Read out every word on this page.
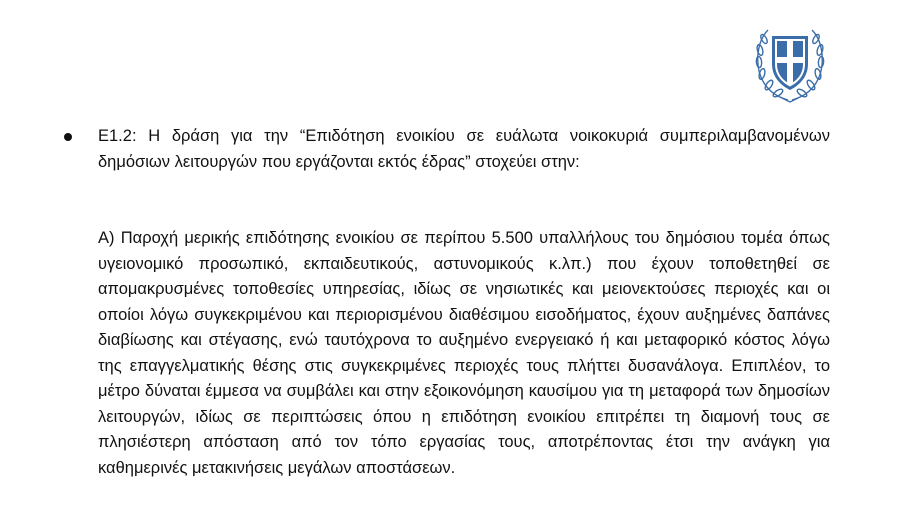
Ε1.2: Η δράση για την “Επιδότηση ενοικίου σε ευάλωτα νοικοκυριά συμπεριλαμβανομένων δημόσιων λειτουργών που εργάζονται εκτός έδρας” στοχεύει στην:

Α) Παροχή μερικής επιδότησης ενοικίου σε περίπου 5.500 υπαλλήλους του δημόσιου τομέα όπως υγειονομικό προσωπικό, εκπαιδευτικούς, αστυνομικούς κ.λπ.) που έχουν τοποθετηθεί σε απομακρυσμένες τοποθεσίες υπηρεσίας, ιδίως σε νησιωτικές και μειονεκτούσες περιοχές και οι οποίοι λόγω συγκεκριμένου και περιορισμένου διαθέσιμου εισοδήματος, έχουν αυξημένες δαπάνες διαβίωσης και στέγασης, ενώ ταυτόχρονα το αυξημένο ενεργειακό ή και μεταφορικό κόστος λόγω της επαγγελματικής θέσης στις συγκεκριμένες περιοχές τους πλήττει δυσανάλογα. Επιπλέον, το μέτρο δύναται έμμεσα να συμβάλει και στην εξοικονόμηση καυσίμου για τη μεταφορά των δημοσίων λειτουργών, ιδίως σε περιπτώσεις όπου η επιδότηση ενοικίου επιτρέπει τη διαμονή τους σε πλησιέστερη απόσταση από τον τόπο εργασίας τους, αποτρέποντας έτσι την ανάγκη για καθημερινές μετακινήσεις μεγάλων αποστάσεων.
